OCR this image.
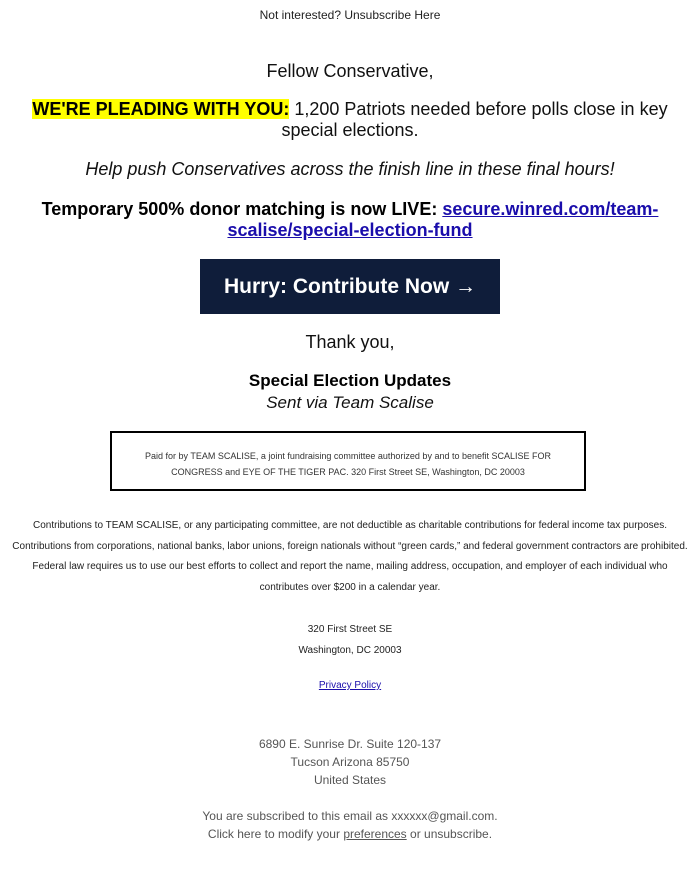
Not interested? Unsubscribe Here
Fellow Conservative,
WE'RE PLEADING WITH YOU: 1,200 Patriots needed before polls close in key special elections.
Help push Conservatives across the finish line in these final hours!
Temporary 500% donor matching is now LIVE: secure.winred.com/team-scalise/special-election-fund
Hurry: Contribute Now →
Thank you,
Special Election Updates
Sent via Team Scalise
Paid for by TEAM SCALISE, a joint fundraising committee authorized by and to benefit SCALISE FOR CONGRESS and EYE OF THE TIGER PAC. 320 First Street SE, Washington, DC 20003
Contributions to TEAM SCALISE, or any participating committee, are not deductible as charitable contributions for federal income tax purposes. Contributions from corporations, national banks, labor unions, foreign nationals without “green cards,” and federal government contractors are prohibited. Federal law requires us to use our best efforts to collect and report the name, mailing address, occupation, and employer of each individual who contributes over $200 in a calendar year.
320 First Street SE
Washington, DC 20003
Privacy Policy
6890 E. Sunrise Dr. Suite 120-137
Tucson Arizona 85750
United States
You are subscribed to this email as xxxxxx@gmail.com.
Click here to modify your preferences or unsubscribe.
